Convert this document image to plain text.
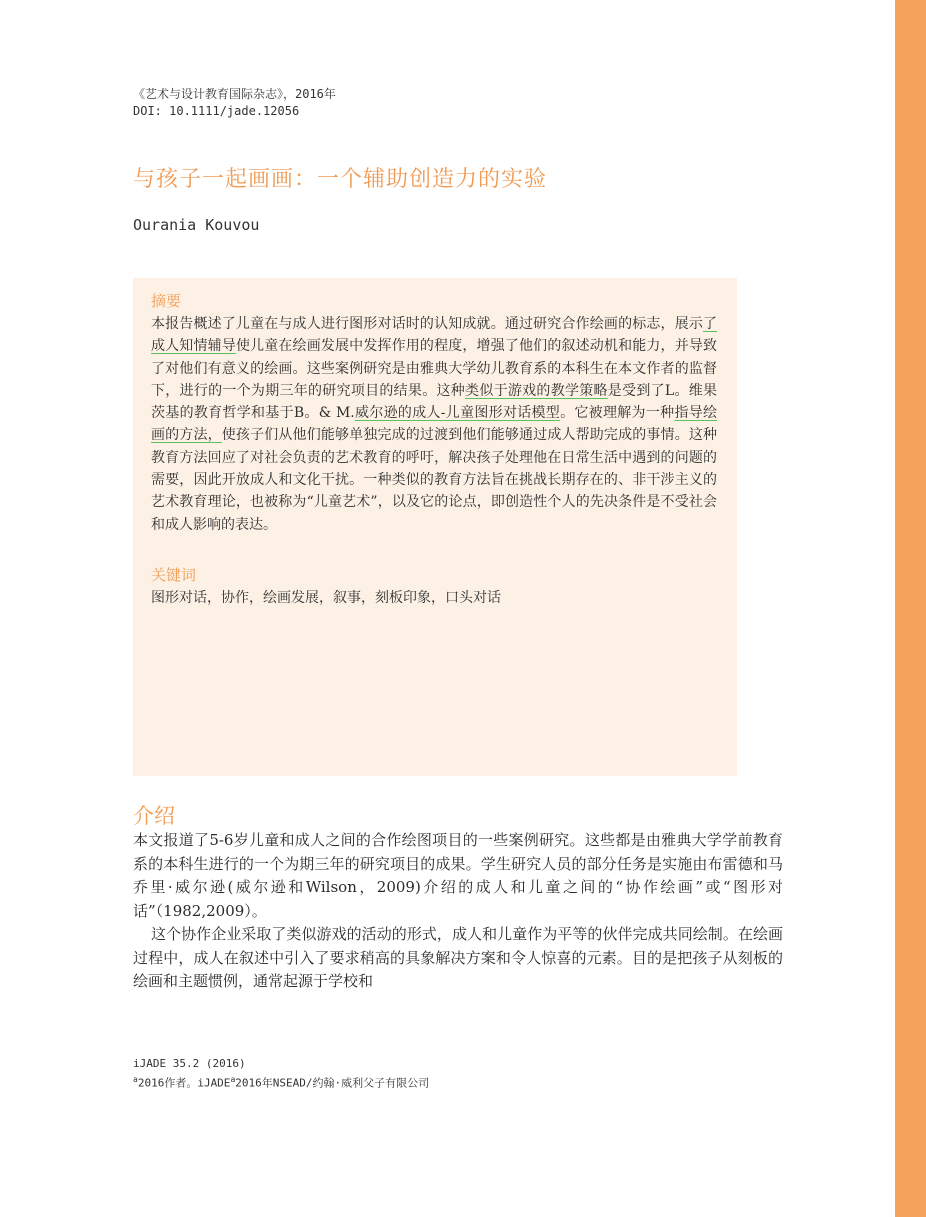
《艺术与设计教育国际杂志》，2016年
DOI: 10.1111/jade.12056
与孩子一起画画：一个辅助创造力的实验
Ourania Kouvou
摘要
本报告概述了儿童在与成人进行图形对话时的认知成就。通过研究合作绘画的标志，展示了成人知情辅导使儿童在绘画发展中发挥作用的程度，增强了他们的叙述动机和能力，并导致了对他们有意义的绘画。这些案例研究是由雅典大学幼儿教育系的本科生在本文作者的监督下，进行的一个为期三年的研究项目的结果。这种类似于游戏的教学策略是受到了L。维果茨基的教育哲学和基于B。& M.威尔逊的成人-儿童图形对话模型。它被理解为一种指导绘画的方法，使孩子们从他们能够单独完成的过渡到他们能够通过成人帮助完成的事情。这种教育方法回应了对社会负责的艺术教育的呼吁，解决孩子处理他在日常生活中遇到的问题的需要，因此开放成人和文化干扰。一种类似的教育方法旨在挑战长期存在的、非干涉主义的艺术教育理论，也被称为“儿童艺术”，以及它的论点，即创造性个人的先决条件是不受社会和成人影响的表达。
关键词
图形对话，协作，绘画发展，叙事，刻板印象，口头对话
介绍

本文报道了5-6岁儿童和成人之间的合作绘图项目的一些案例研究。这些都是由雅典大学学前教育系的本科生进行的一个为期三年的研究项目的成果。学生研究人员的部分任务是实施由布雷德和马乔里·威尔逊(威尔逊和Wilson，2009)介绍的成人和儿童之间的“协作绘画”或“图形对话”（1982,2009）。

这个协作企业采取了类似游戏的活动的形式，成人和儿童作为平等的伙伴完成共同绘制。在绘画过程中，成人在叙述中引入了要求稍高的具象解决方案和令人惊喜的元素。目的是把孩子从刻板的绘画和主题惯例，通常起源于学校和

iJADE 35.2 (2016)
$^a$2016作者。iJADE$^a$2016年NSEAD/约翰·威利父子有限公司
